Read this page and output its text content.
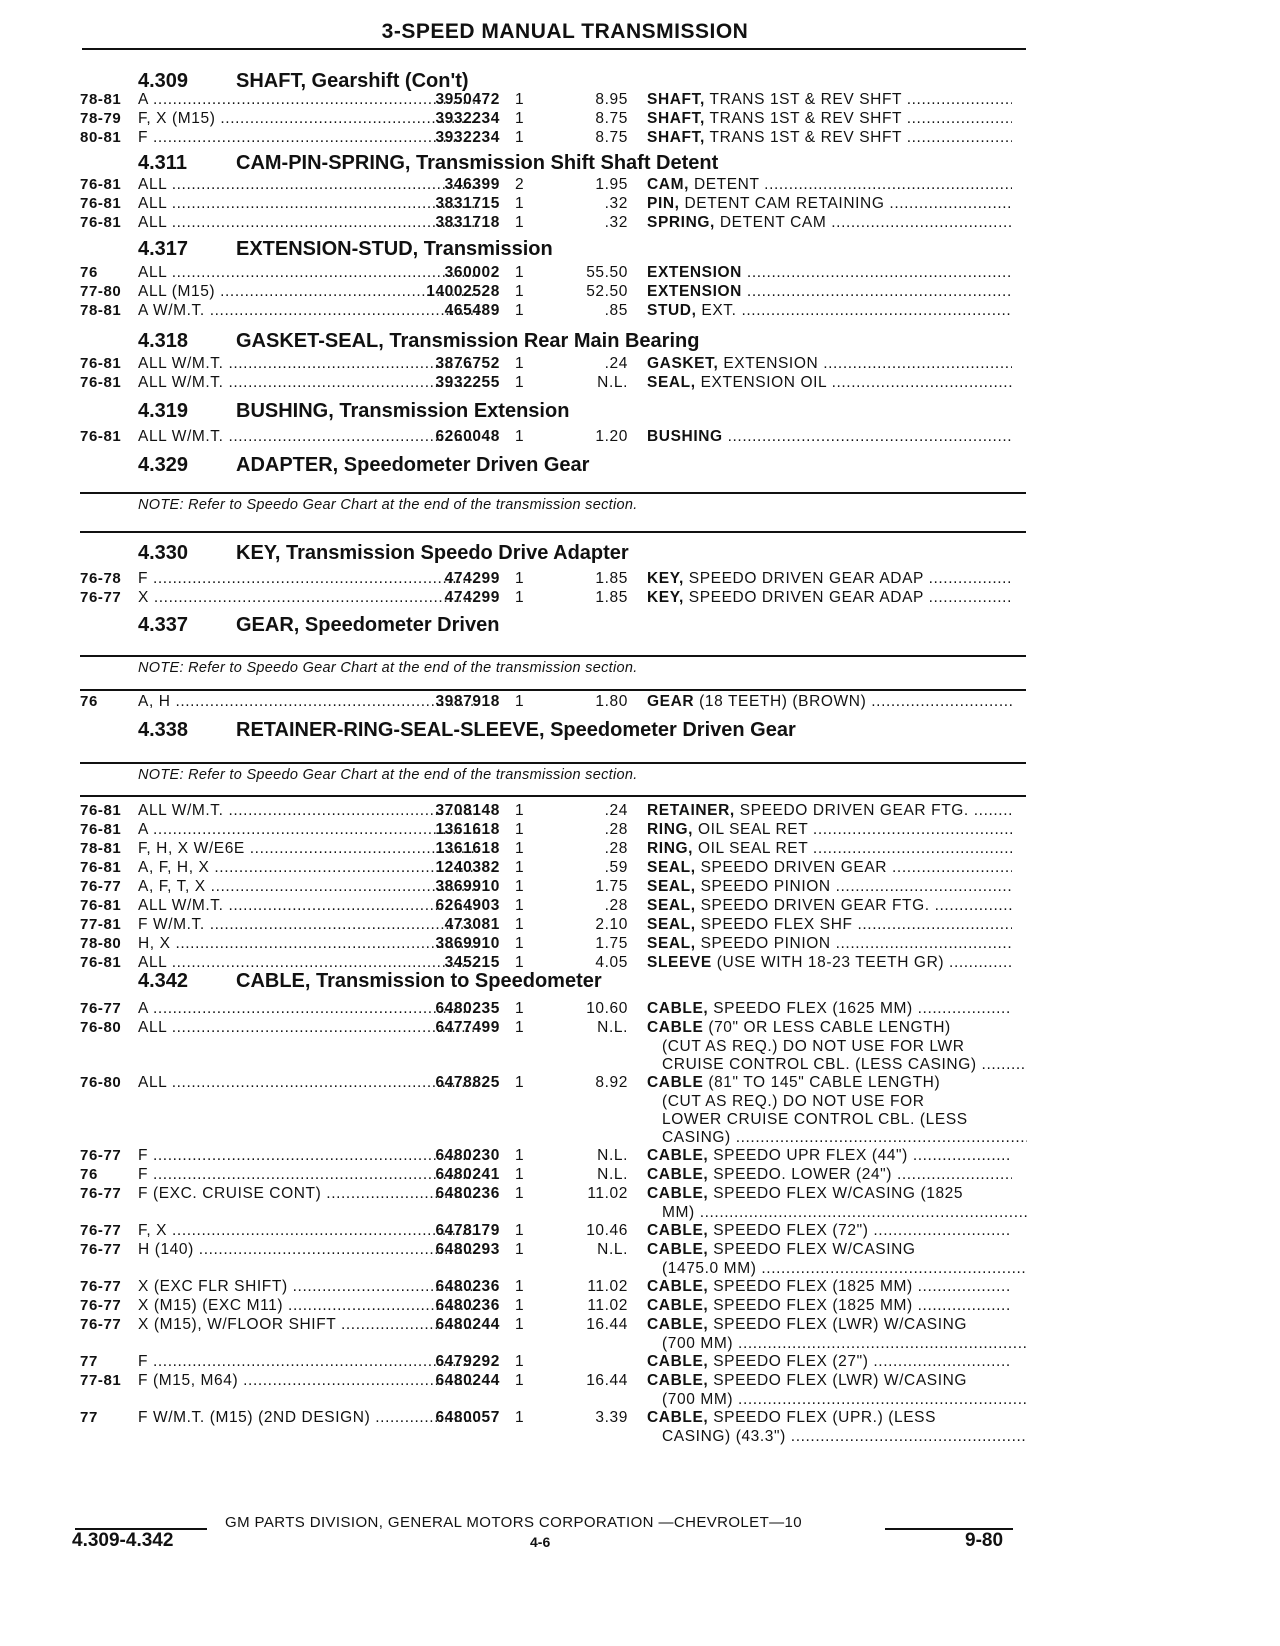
3-SPEED MANUAL TRANSMISSION
4.309 SHAFT, Gearshift (Con't)
78-81	A .....	3950472 1	8.95 SHAFT, TRANS 1ST & REV SHFT .....
78-79	F, X (M15) .....	3932234 1	8.75 SHAFT, TRANS 1ST & REV SHFT .....
80-81	F .....	3932234 1	8.75 SHAFT, TRANS 1ST & REV SHFT .....
4.311 CAM-PIN-SPRING, Transmission Shift Shaft Detent
76-81	ALL .....	346399 2	1.95 CAM, DETENT .....
76-81	ALL .....	3831715 1	.32 PIN, DETENT CAM RETAINING .....
76-81	ALL .....	3831718 1	.32 SPRING, DETENT CAM .....
4.317 EXTENSION-STUD, Transmission
76	ALL .....	360002 1	55.50 EXTENSION .....
77-80	ALL (M15) .....	14002528 1	52.50 EXTENSION .....
78-81	A W/M.T. .....	465489 1	.85 STUD, EXT. .....
4.318 GASKET-SEAL, Transmission Rear Main Bearing
76-81	ALL W/M.T. .....	3876752 1	.24 GASKET, EXTENSION .....
76-81	ALL W/M.T. .....	3932255 1	N.L. SEAL, EXTENSION OIL .....
4.319 BUSHING, Transmission Extension
76-81	ALL W/M.T. .....	6260048 1	1.20 BUSHING .....
4.329 ADAPTER, Speedometer Driven Gear
4.330 KEY, Transmission Speedo Drive Adapter
76-78	F .....	474299 1	1.85 KEY, SPEEDO DRIVEN GEAR ADAP .....
76-77	X .....	474299 1	1.85 KEY, SPEEDO DRIVEN GEAR ADAP .....
4.337 GEAR, Speedometer Driven
76	A, H .....	3987918 1	1.80 GEAR (18 TEETH) (BROWN) .....
4.338 RETAINER-RING-SEAL-SLEEVE, Speedometer Driven Gear
76-81	ALL W/M.T. .....	3708148 1	.24 RETAINER, SPEEDO DRIVEN GEAR FTG. .....
76-81	A .....	1361618 1	.28 RING, OIL SEAL RET .....
78-81	F, H, X W/E6E .....	1361618 1	.28 RING, OIL SEAL RET .....
76-81	A, F, H, X .....	1240382 1	.59 SEAL, SPEEDO DRIVEN GEAR .....
76-77	A, F, T, X .....	3869910 1	1.75 SEAL, SPEEDO PINION .....
76-81	ALL W/M.T. .....	6264903 1	.28 SEAL, SPEEDO DRIVEN GEAR FTG. .....
77-81	F W/M.T. .....	473081 1	2.10 SEAL, SPEEDO FLEX SHF .....
78-80	H, X .....	3869910 1	1.75 SEAL, SPEEDO PINION .....
76-81	ALL .....	345215 1	4.05 SLEEVE (USE WITH 18-23 TEETH GR) .....
4.342 CABLE, Transmission to Speedometer
76-77	A .....	6480235 1	10.60 CABLE, SPEEDO FLEX (1625 MM) .....
76-80	ALL .....	6477499 1	N.L. CABLE (70" OR LESS CABLE LENGTH)
(CUT AS REQ.) DO NOT USE FOR LWR
CRUISE CONTROL CBL. (LESS CASING) .....
76-80	ALL .....	6478825 1	8.92 CABLE (81" TO 145" CABLE LENGTH)
(CUT AS REQ.) DO NOT USE FOR
LOWER CRUISE CONTROL CBL. (LESS
CASING) .....
76-77	F .....	6480230 1	N.L. CABLE, SPEEDO UPR FLEX (44") .....
76	F .....	6480241 1	N.L. CABLE, SPEEDO. LOWER (24") .....
76-77	F (EXC. CRUISE CONT) .....	6480236 1	11.02 CABLE, SPEEDO FLEX W/CASING (1825
MM) .....
76-77	F, X .....	6478179 1	10.46 CABLE, SPEEDO FLEX (72") .....
76-77	H (140) .....	6480293 1	N.L. CABLE, SPEEDO FLEX W/CASING
(1475.0 MM) .....
76-77	X (EXC FLR SHIFT) .....	6480236 1	11.02 CABLE, SPEEDO FLEX (1825 MM) .....
76-77	X (M15) (EXC M11) .....	6480236 1	11.02 CABLE, SPEEDO FLEX (1825 MM) .....
76-77	X (M15), W/FLOOR SHIFT .....	6480244 1	16.44 CABLE, SPEEDO FLEX (LWR) W/CASING
(700 MM) .....
77	F .....	6479292 1	CABLE, SPEEDO FLEX (27") .....
77-81	F (M15, M64) .....	6480244 1	16.44 CABLE, SPEEDO FLEX (LWR) W/CASING
(700 MM) .....
77	F W/M.T. (M15) (2ND DESIGN) .....	6480057 1	3.39 CABLE, SPEEDO FLEX (UPR.) (LESS
CASING) (43.3") .....
NOTE: Refer to Speedo Gear Chart at the end of the transmission section.
NOTE: Refer to Speedo Gear Chart at the end of the transmission section.
NOTE: Refer to Speedo Gear Chart at the end of the transmission section.
GM PARTS DIVISION, GENERAL MOTORS CORPORATION —CHEVROLET—10
4.309-4.342	4-6	9-80
